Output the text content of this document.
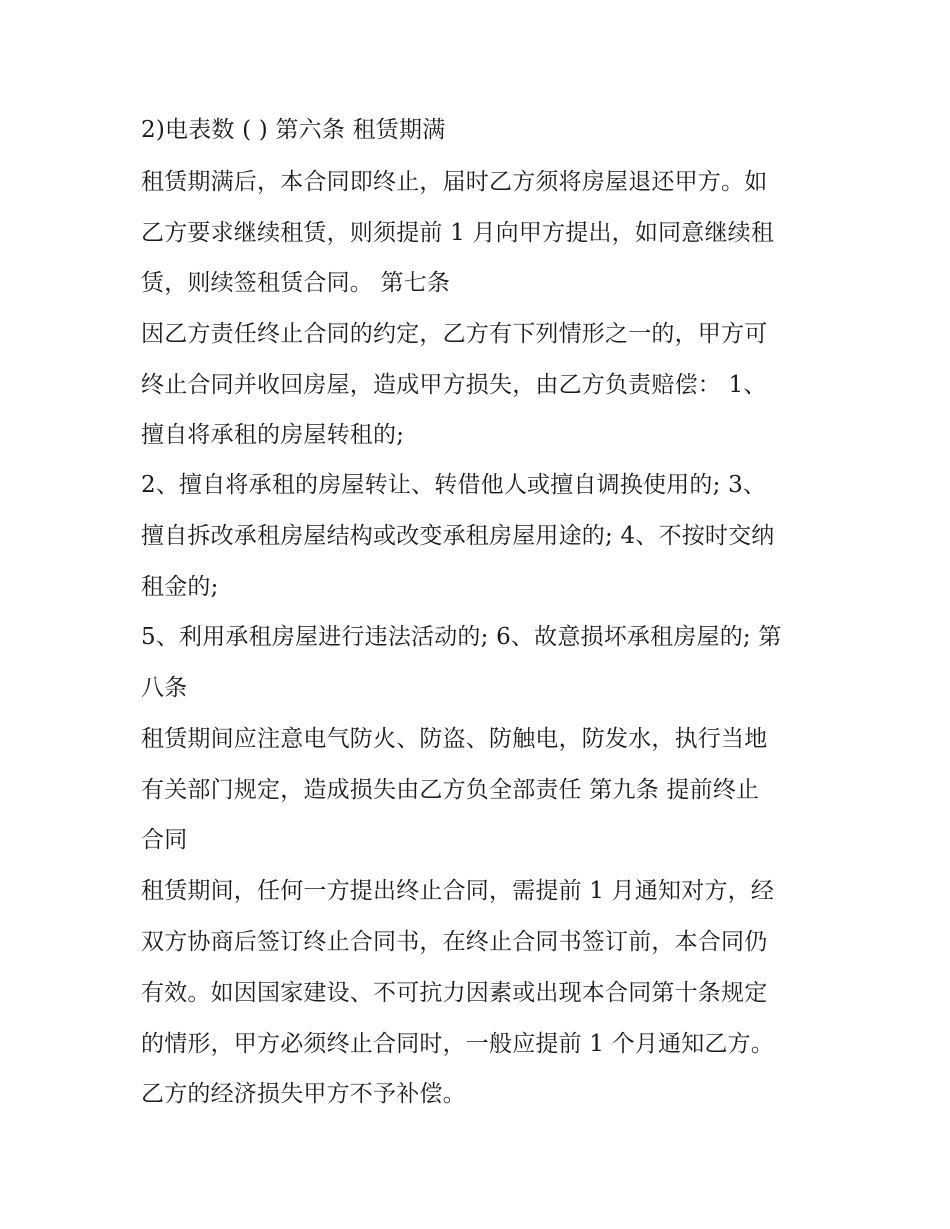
2)电表数 ( ) 第六条 租赁期满
租赁期满后，本合同即终止，届时乙方须将房屋退还甲方。如
乙方要求继续租赁，则须提前 1 月向甲方提出，如同意继续租
赁，则续签租赁合同。 第七条
因乙方责任终止合同的约定，乙方有下列情形之一的，甲方可
终止合同并收回房屋，造成甲方损失，由乙方负责赔偿： 1、
擅自将承租的房屋转租的;
2、擅自将承租的房屋转让、转借他人或擅自调换使用的; 3、
擅自拆改承租房屋结构或改变承租房屋用途的; 4、不按时交纳
租金的;
5、利用承租房屋进行违法活动的; 6、故意损坏承租房屋的; 第
八条
租赁期间应注意电气防火、防盗、防触电，防发水，执行当地
有关部门规定，造成损失由乙方负全部责任 第九条 提前终止
合同
租赁期间，任何一方提出终止合同，需提前 1 月通知对方，经
双方协商后签订终止合同书，在终止合同书签订前，本合同仍
有效。如因国家建设、不可抗力因素或出现本合同第十条规定
的情形，甲方必须终止合同时，一般应提前 1 个月通知乙方。
乙方的经济损失甲方不予补偿。
